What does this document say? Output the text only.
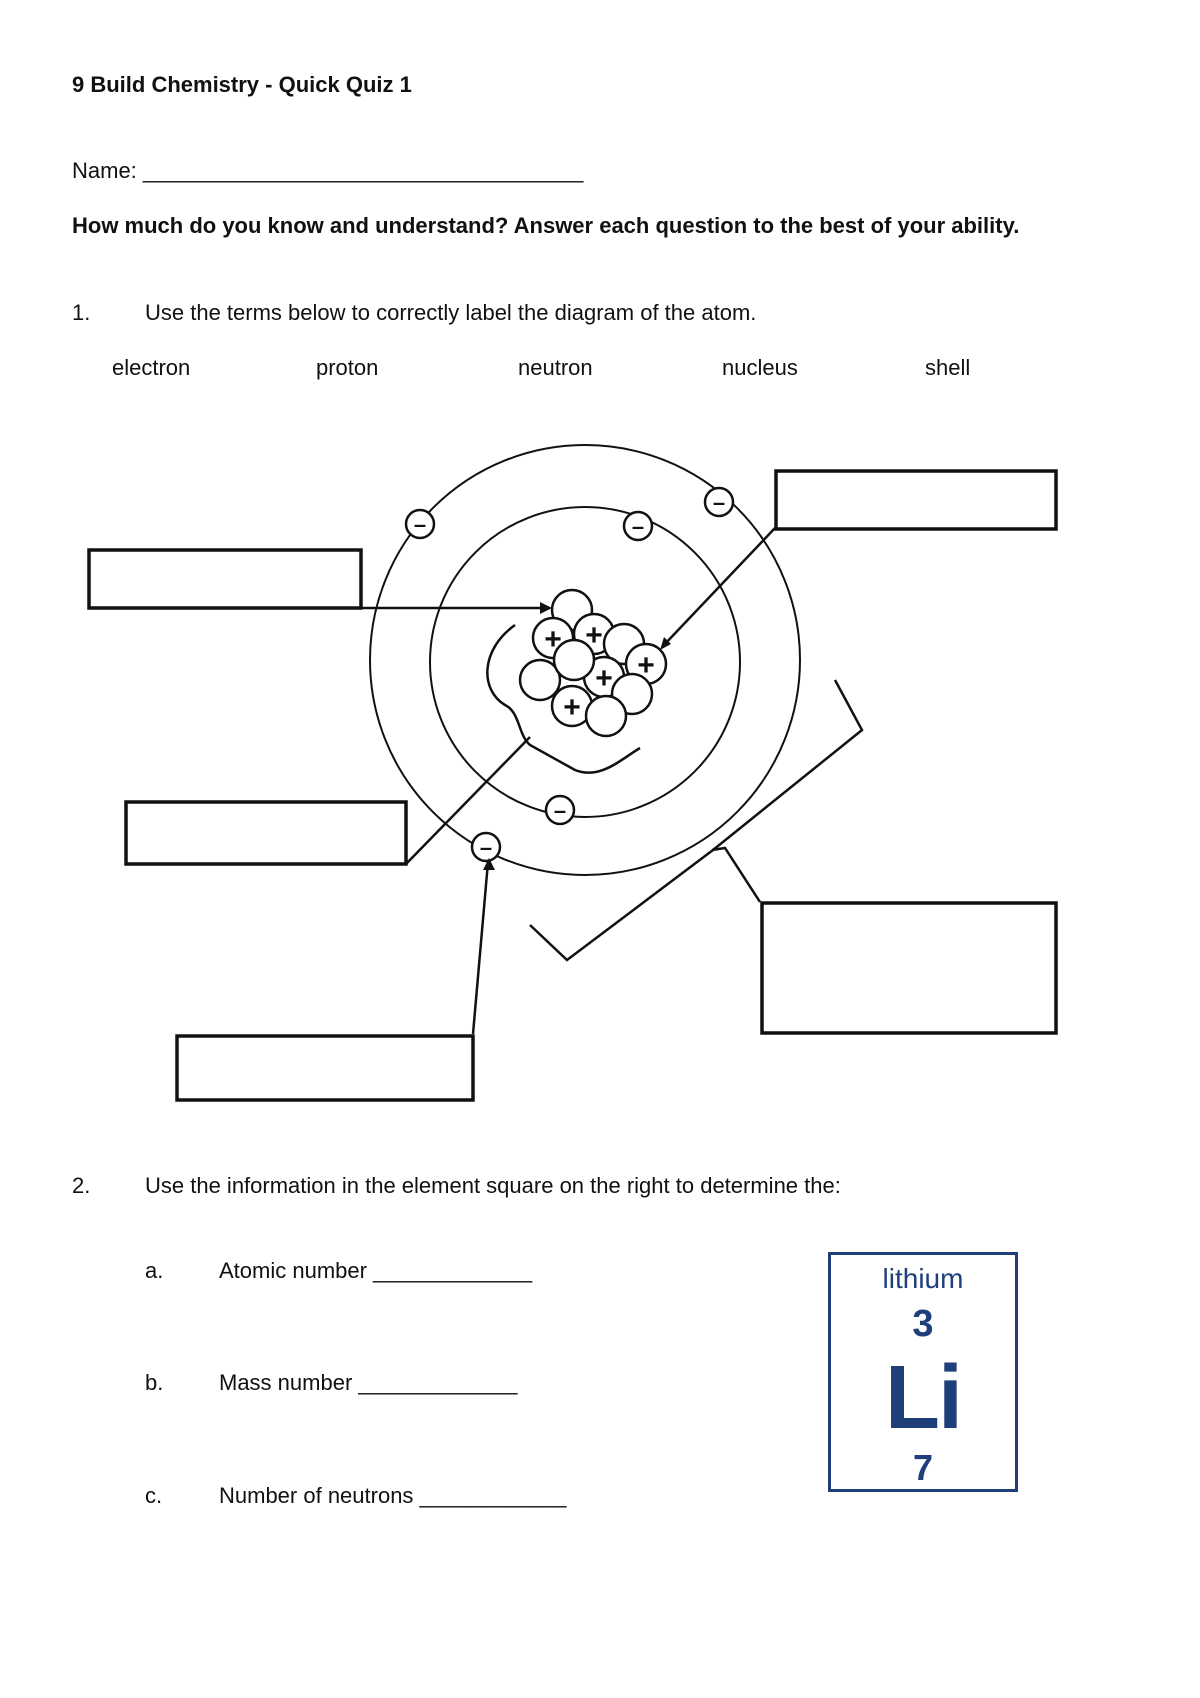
9 Build Chemistry - Quick Quiz 1
Name: ____________________________________
How much do you know and understand? Answer each question to the best of your ability.
1. Use the terms below to correctly label the diagram of the atom.
electron	proton	neutron	nucleus	shell
+ +
+
+
+
–	–
–
–
–
2. Use the information in the element square on the right to determine the:
a.	Atomic number _____________
b.	Mass number _____________
c.	Number of neutrons ____________
lithium
3
Li
7
